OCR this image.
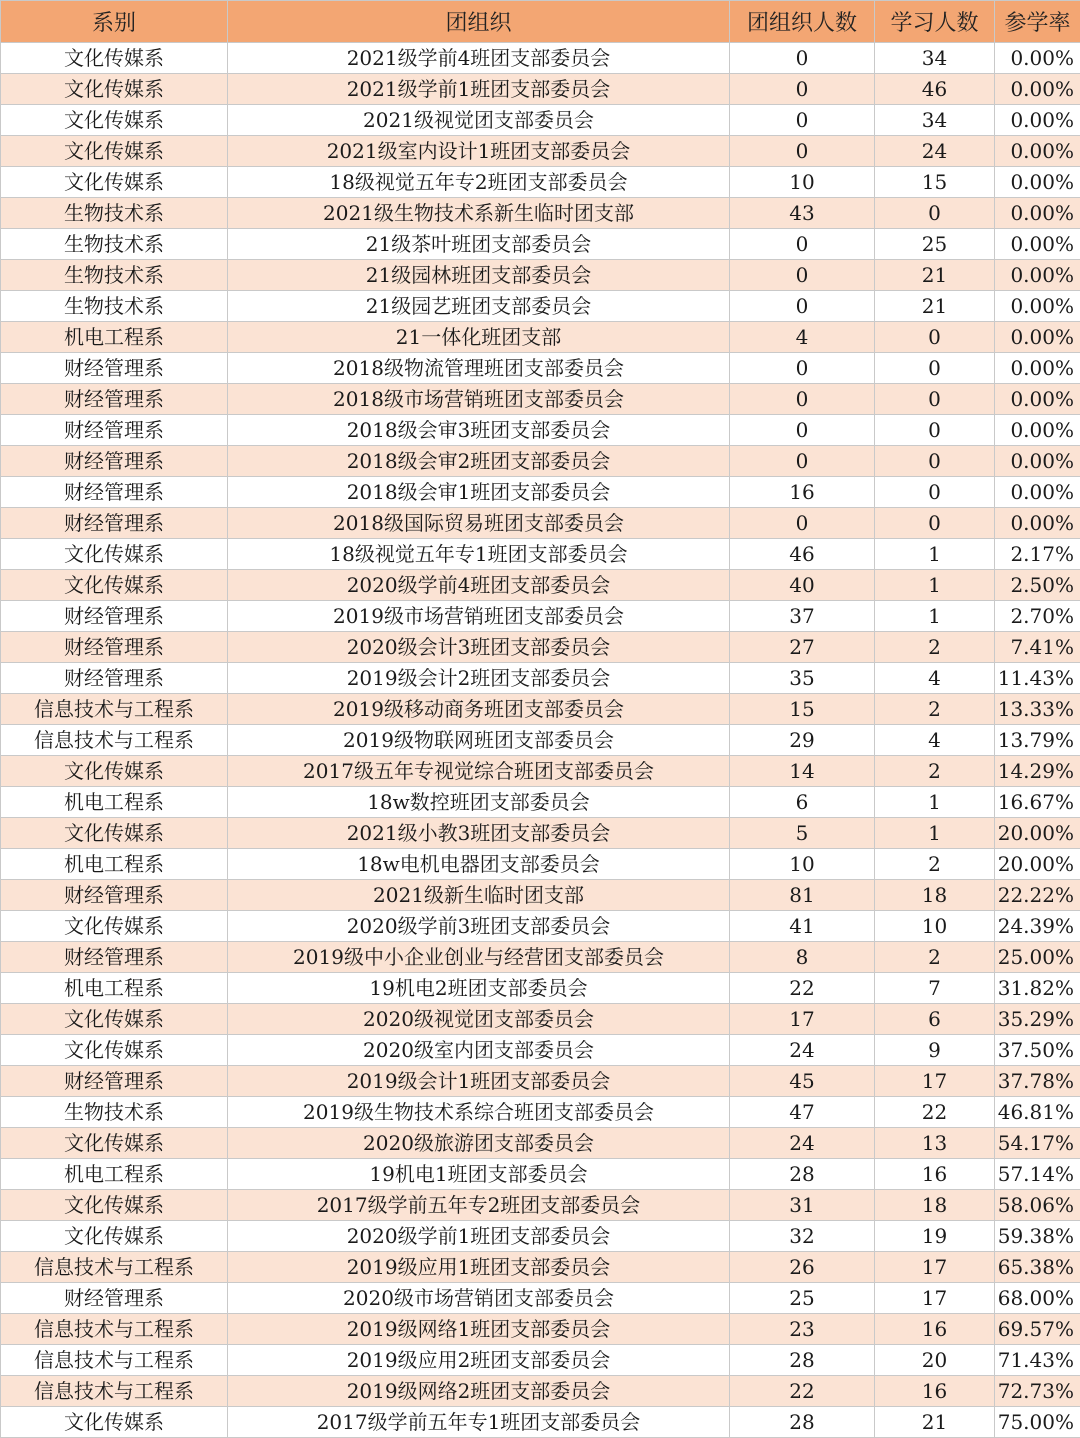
系别	团组织	团组织人数	学习人数	参学率
文化传媒系	2021级学前4班团支部委员会	0	34	0.00%
文化传媒系	2021级学前1班团支部委员会	0	46	0.00%
文化传媒系	2021级视觉团支部委员会	0	34	0.00%
文化传媒系	2021级室内设计1班团支部委员会	0	24	0.00%
文化传媒系	18级视觉五年专2班团支部委员会	10	15	0.00%
生物技术系	2021级生物技术系新生临时团支部	43	0	0.00%
生物技术系	21级茶叶班团支部委员会	0	25	0.00%
生物技术系	21级园林班团支部委员会	0	21	0.00%
生物技术系	21级园艺班团支部委员会	0	21	0.00%
机电工程系	21一体化班团支部	4	0	0.00%
财经管理系	2018级物流管理班团支部委员会	0	0	0.00%
财经管理系	2018级市场营销班团支部委员会	0	0	0.00%
财经管理系	2018级会审3班团支部委员会	0	0	0.00%
财经管理系	2018级会审2班团支部委员会	0	0	0.00%
财经管理系	2018级会审1班团支部委员会	16	0	0.00%
财经管理系	2018级国际贸易班团支部委员会	0	0	0.00%
文化传媒系	18级视觉五年专1班团支部委员会	46	1	2.17%
文化传媒系	2020级学前4班团支部委员会	40	1	2.50%
财经管理系	2019级市场营销班团支部委员会	37	1	2.70%
财经管理系	2020级会计3班团支部委员会	27	2	7.41%
财经管理系	2019级会计2班团支部委员会	35	4	11.43%
信息技术与工程系	2019级移动商务班团支部委员会	15	2	13.33%
信息技术与工程系	2019级物联网班团支部委员会	29	4	13.79%
文化传媒系	2017级五年专视觉综合班团支部委员会	14	2	14.29%
机电工程系	18w数控班团支部委员会	6	1	16.67%
文化传媒系	2021级小教3班团支部委员会	5	1	20.00%
机电工程系	18w电机电器团支部委员会	10	2	20.00%
财经管理系	2021级新生临时团支部	81	18	22.22%
文化传媒系	2020级学前3班团支部委员会	41	10	24.39%
财经管理系	2019级中小企业创业与经营团支部委员会	8	2	25.00%
机电工程系	19机电2班团支部委员会	22	7	31.82%
文化传媒系	2020级视觉团支部委员会	17	6	35.29%
文化传媒系	2020级室内团支部委员会	24	9	37.50%
财经管理系	2019级会计1班团支部委员会	45	17	37.78%
生物技术系	2019级生物技术系综合班团支部委员会	47	22	46.81%
文化传媒系	2020级旅游团支部委员会	24	13	54.17%
机电工程系	19机电1班团支部委员会	28	16	57.14%
文化传媒系	2017级学前五年专2班团支部委员会	31	18	58.06%
文化传媒系	2020级学前1班团支部委员会	32	19	59.38%
信息技术与工程系	2019级应用1班团支部委员会	26	17	65.38%
财经管理系	2020级市场营销团支部委员会	25	17	68.00%
信息技术与工程系	2019级网络1班团支部委员会	23	16	69.57%
信息技术与工程系	2019级应用2班团支部委员会	28	20	71.43%
信息技术与工程系	2019级网络2班团支部委员会	22	16	72.73%
文化传媒系	2017级学前五年专1班团支部委员会	28	21	75.00%
